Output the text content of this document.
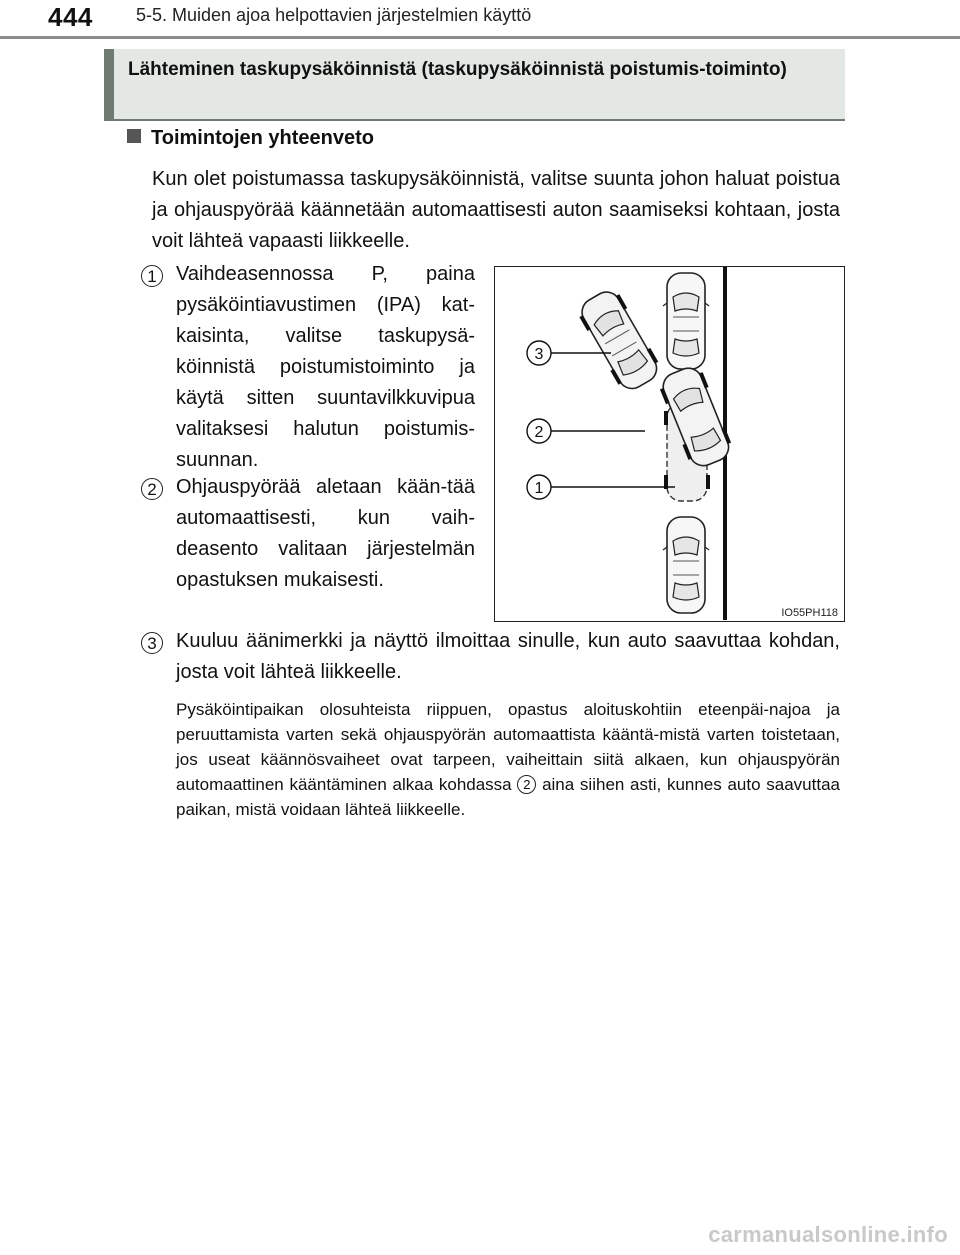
444 5-5. Muiden ajoa helpottavien järjestelmien käyttö
Lähteminen taskupysäköinnistä (taskupysäköinnistä poistumis-toiminto)
Toimintojen yhteenveto
Kun olet poistumassa taskupysäköinnistä, valitse suunta johon haluat poistua ja ohjauspyörää käännetään automaattisesti auton saamiseksi kohtaan, josta voit lähteä vapaasti liikkeelle.
1 Vaihdeasennossa P, paina pysäköintiavustimen (IPA) kat-kaisinta, valitse taskupysä-köinnistä poistumistoiminto ja käytä sitten suuntavilkkuvipua valitaksesi halutun poistumis-suunnan.
2 Ohjauspyörää aletaan kään-tää automaattisesti, kun vaih-deasento valitaan järjestelmän opastuksen mukaisesti.
3 Kuuluu äänimerkki ja näyttö ilmoittaa sinulle, kun auto saavuttaa kohdan, josta voit lähteä liikkeelle.
Pysäköintipaikan olosuhteista riippuen, opastus aloituskohtiin eteenpäi-najoa ja peruuttamista varten sekä ohjauspyörän automaattista kääntä-mistä varten toistetaan, jos useat käännösvaiheet ovat tarpeen, vaiheittain siitä alkaen, kun ohjauspyörän automaattinen kääntäminen alkaa kohdassa 2 aina siihen asti, kunnes auto saavuttaa paikan, mistä voidaan lähteä liikkeelle.
3
2
1
IO55PH118
carmanualsonline.info
